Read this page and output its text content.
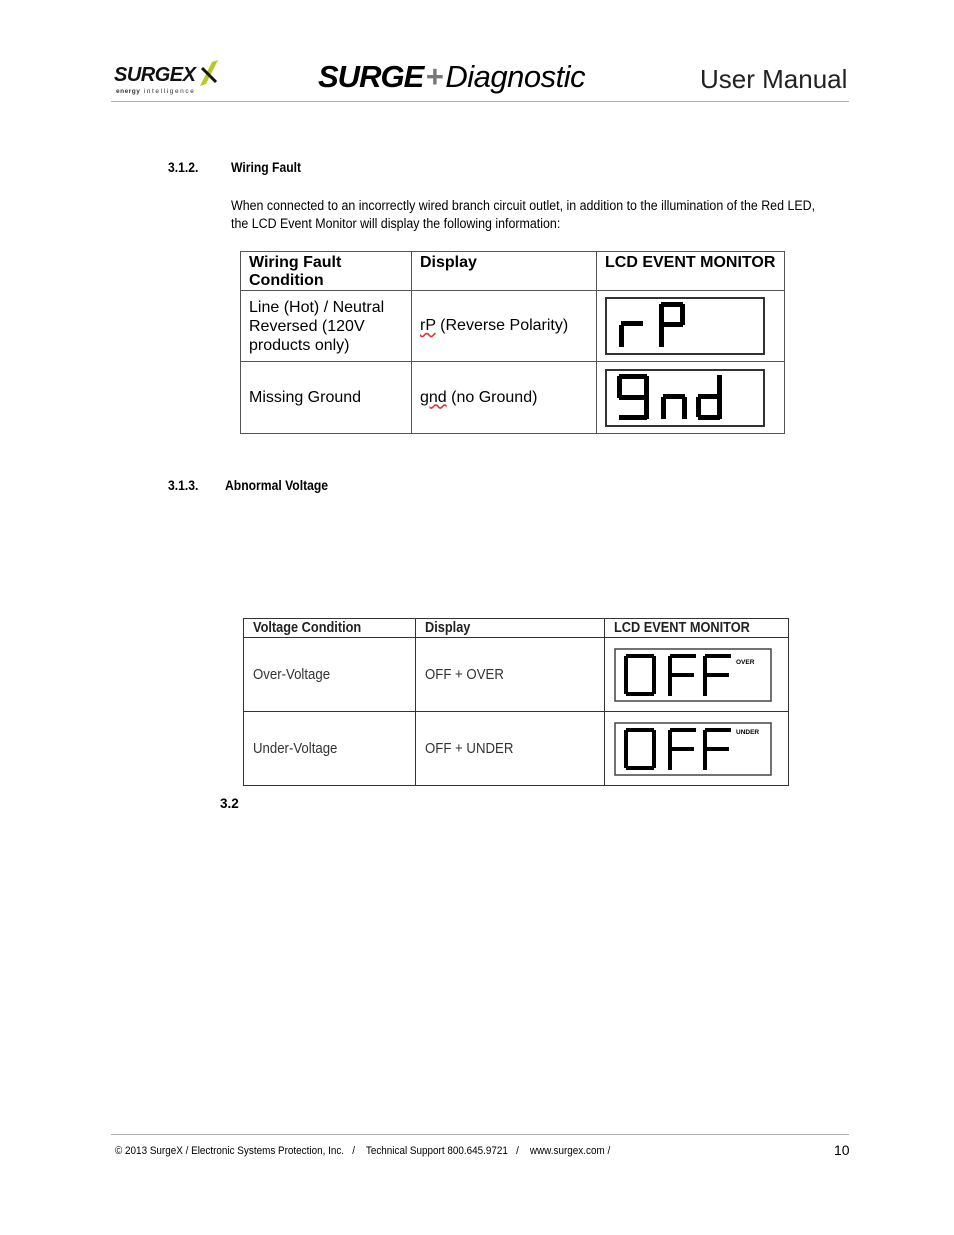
SURGEX
energy intelligence	SURGE+Diagnostic	User Manual
3.1.2. Wiring Fault
When connected to an incorrectly wired branch circuit outlet, in addition to the illumination of the Red LED, the LCD Event Monitor will display the following information:
Wiring Fault Condition	Display	LCD EVENT MONITOR
Line (Hot) / Neutral Reversed (120V products only)	rP (Reverse Polarity)	

Missing Ground	gnd (no Ground)	
3.1.3. Abnormal Voltage
Voltage Condition	Display	LCD EVENT MONITOR
Over-Voltage	OFF + OVER	OVER

Under-Voltage	OFF + UNDER	UNDER
3.2
© 2013 SurgeX / Electronic Systems Protection, Inc.   /    Technical Support 800.645.9721   /    www.surgex.com /	10
